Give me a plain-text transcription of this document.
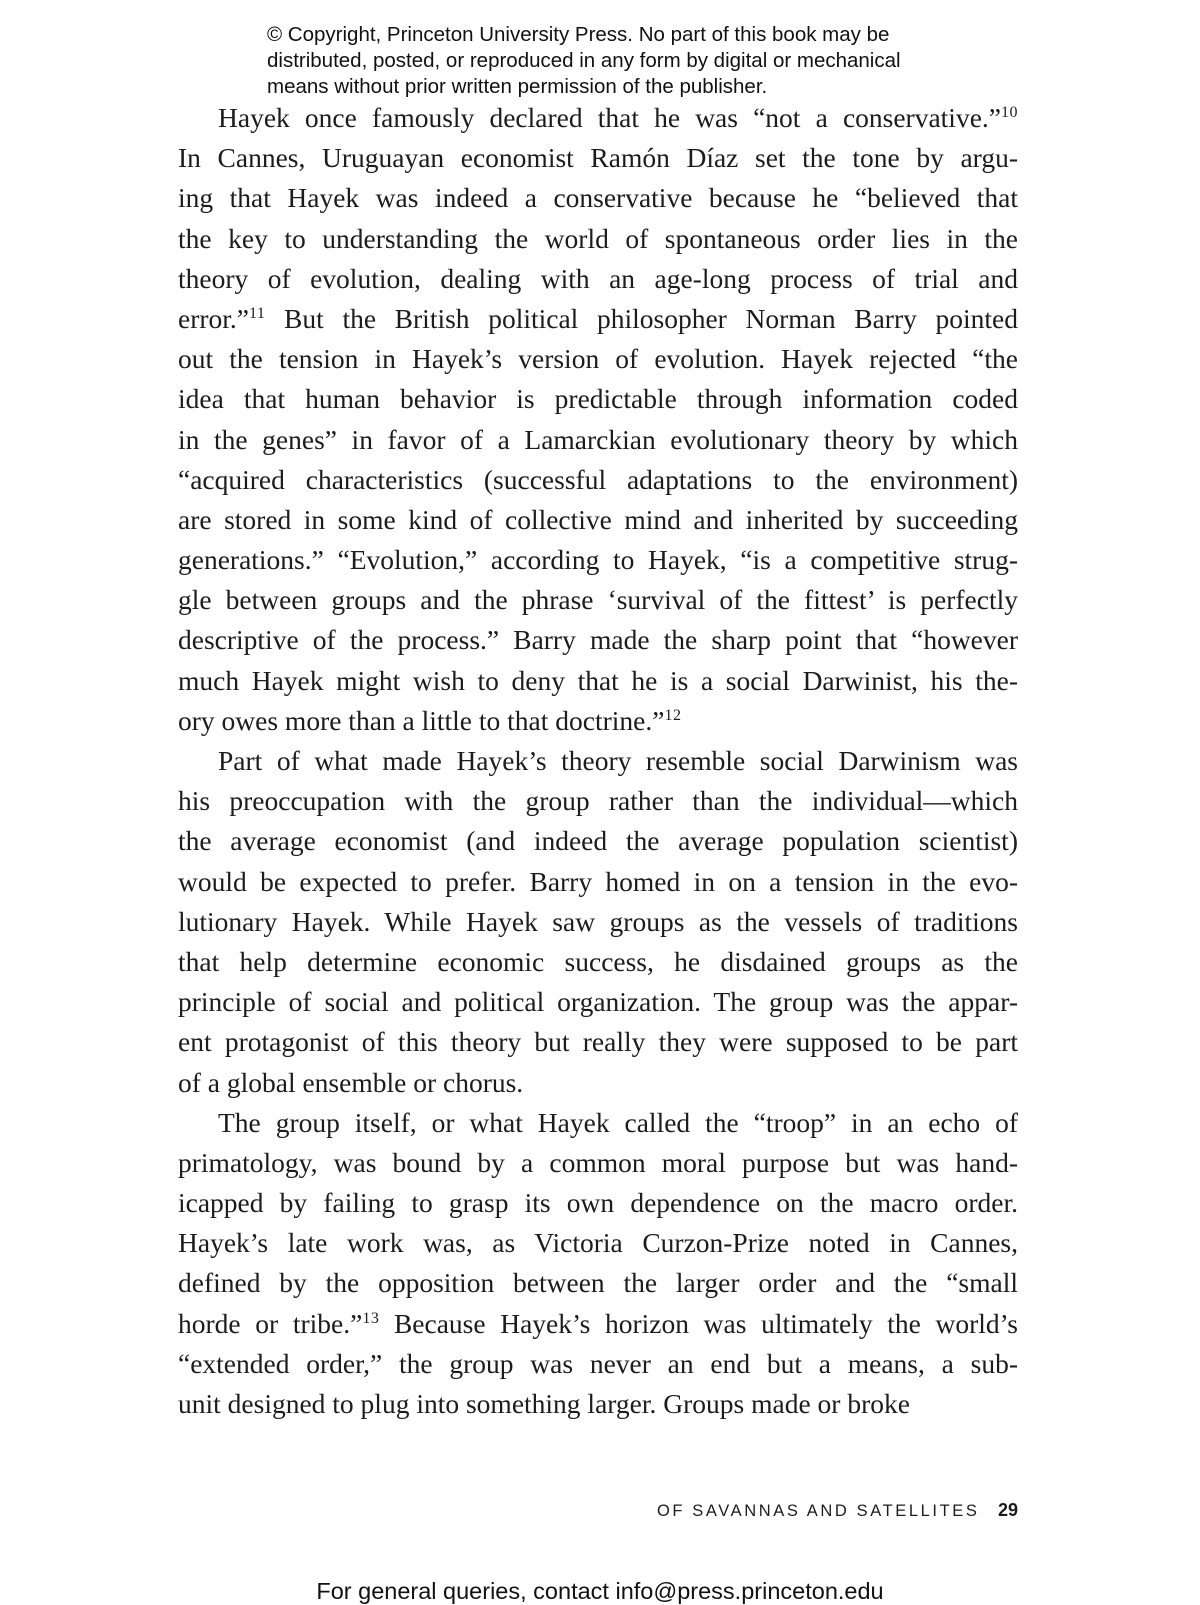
© Copyright, Princeton University Press. No part of this book may be
distributed, posted, or reproduced in any form by digital or mechanical
means without prior written permission of the publisher.
Hayek once famously declared that he was “not a conservative.”$^{10}$
In Cannes, Uruguayan economist Ramón Díaz set the tone by argu-
ing that Hayek was indeed a conservative because he “believed that
the key to understanding the world of spontaneous order lies in the
theory of evolution, dealing with an age-long process of trial and
error.”$^{11}$ But the British political philosopher Norman Barry pointed
out the tension in Hayek’s version of evolution. Hayek rejected “the
idea that human behavior is predictable through information coded
in the genes” in favor of a Lamarckian evolutionary theory by which
“acquired characteristics (successful adaptations to the environment)
are stored in some kind of collective mind and inherited by succeeding
generations.” “Evolution,” according to Hayek, “is a competitive strug-
gle between groups and the phrase ‘survival of the fittest’ is perfectly
descriptive of the process.” Barry made the sharp point that “however
much Hayek might wish to deny that he is a social Darwinist, his the-
ory owes more than a little to that doctrine.”$^{12}$
Part of what made Hayek’s theory resemble social Darwinism was
his preoccupation with the group rather than the individual—which
the average economist (and indeed the average population scientist)
would be expected to prefer. Barry homed in on a tension in the evo-
lutionary Hayek. While Hayek saw groups as the vessels of traditions
that help determine economic success, he disdained groups as the
principle of social and political organization. The group was the appar-
ent protagonist of this theory but really they were supposed to be part
of a global ensemble or chorus.
The group itself, or what Hayek called the “troop” in an echo of
primatology, was bound by a common moral purpose but was hand-
icapped by failing to grasp its own dependence on the macro order.
Hayek’s late work was, as Victoria Curzon-Prize noted in Cannes,
defined by the opposition between the larger order and the “small
horde or tribe.”$^{13}$ Because Hayek’s horizon was ultimately the world’s
“extended order,” the group was never an end but a means, a sub-
unit designed to plug into something larger. Groups made or broke
OF SAVANNAS AND SATELLITES 29
For general queries, contact info@press.princeton.edu
